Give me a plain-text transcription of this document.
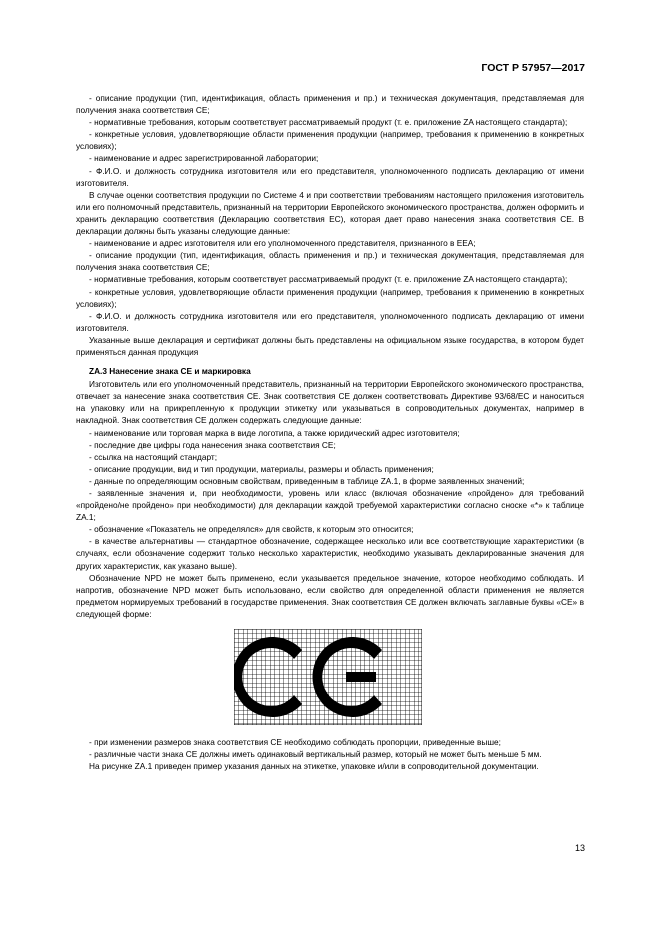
ГОСТ Р 57957—2017

- описание продукции (тип, идентификация, область применения и пр.) и техническая документация, представляемая для получения знака соответствия СЕ;

- нормативные требования, которым соответствует рассматриваемый продукт (т. е. приложение ZA настоящего стандарта);

- конкретные условия, удовлетворяющие области применения продукции (например, требования к применению в конкретных условиях);

- наименование и адрес зарегистрированной лаборатории;

- Ф.И.О. и должность сотрудника изготовителя или его представителя, уполномоченного подписать декларацию от имени изготовителя.

В случае оценки соответствия продукции по Системе 4 и при соответствии требованиям настоящего приложения изготовитель или его полномочный представитель, признанный на территории Европейского экономического пространства, должен оформить и хранить декларацию соответствия (Декларацию соответствия ЕС), которая дает право нанесения знака соответствия СЕ. В декларации должны быть указаны следующие данные:

- наименование и адрес изготовителя или его уполномоченного представителя, признанного в ЕЕА;

- описание продукции (тип, идентификация, область применения и пр.) и техническая документация, представляемая для получения знака соответствия СЕ;

- нормативные требования, которым соответствует рассматриваемый продукт (т. е. приложение ZA настоящего стандарта);

- конкретные условия, удовлетворяющие области применения продукции (например, требования к применению в конкретных условиях);

- Ф.И.О. и должность сотрудника изготовителя или его представителя, уполномоченного подписать декларацию от имени изготовителя.

Указанные выше декларация и сертификат должны быть представлены на официальном языке государства, в котором будет применяться данная продукция

ZA.3 Нанесение знака СЕ и маркировка

Изготовитель или его уполномоченный представитель, признанный на территории Европейского экономического пространства, отвечает за нанесение знака соответствия СЕ. Знак соответствия СЕ должен соответствовать Директиве 93/68/ЕС и наноситься на упаковку или на прикрепленную к продукции этикетку или указываться в сопроводительных документах, например в накладной. Знак соответствия СЕ должен содержать следующие данные:

- наименование или торговая марка в виде логотипа, а также юридический адрес изготовителя;

- последние две цифры года нанесения знака соответствия СЕ;

- ссылка на настоящий стандарт;

- описание продукции, вид и тип продукции, материалы, размеры и область применения;

- данные по определяющим основным свойствам, приведенным в таблице ZA.1, в форме заявленных значений;

- заявленные значения и, при необходимости, уровень или класс (включая обозначение «пройдено» для требований «пройдено/не пройдено» при необходимости) для декларации каждой требуемой характеристики согласно сноске «*» к таблице ZA.1;

- обозначение «Показатель не определялся» для свойств, к которым это относится;

- в качестве альтернативы — стандартное обозначение, содержащее несколько или все соответствующие характеристики (в случаях, если обозначение содержит только несколько характеристик, необходимо указывать декларированные значения для других характеристик, как указано выше).

Обозначение NPD не может быть применено, если указывается предельное значение, которое необходимо соблюдать. И напротив, обозначение NPD может быть использовано, если свойство для определенной области применения не является предметом нормируемых требований в государстве применения. Знак соответствия СЕ должен включать заглавные буквы «СЕ» в следующей форме:

- при изменении размеров знака соответствия СЕ необходимо соблюдать пропорции, приведенные выше;

- различные части знака СЕ должны иметь одинаковый вертикальный размер, который не может быть меньше 5 мм.

На рисунке ZA.1 приведен пример указания данных на этикетке, упаковке и/или в сопроводительной документации.

13
